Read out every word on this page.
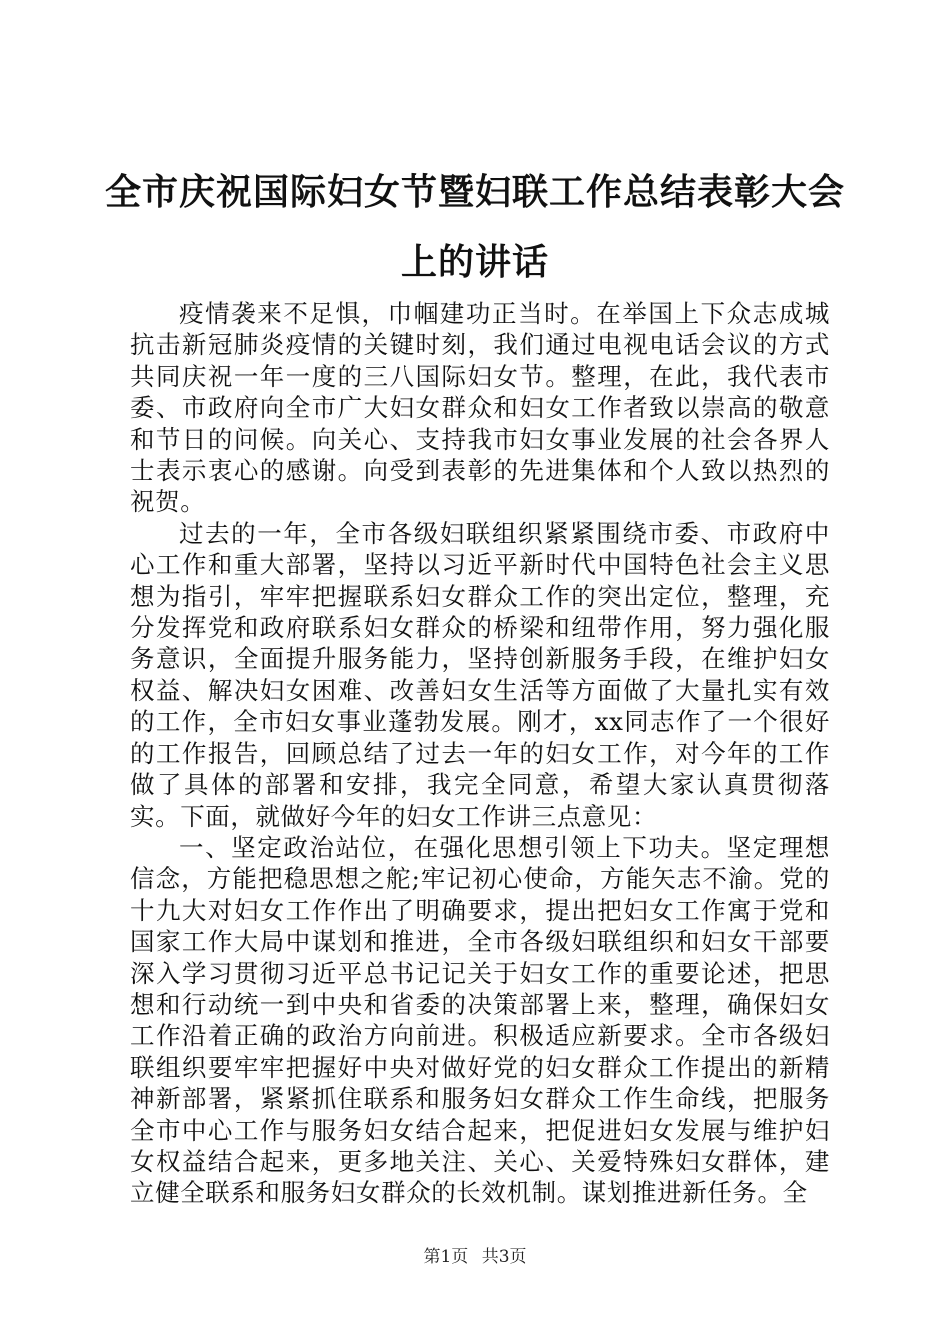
全市庆祝国际妇女节暨妇联工作总结表彰大会
上的讲话

疫情袭来不足惧，巾帼建功正当时。在举国上下众志成城抗击新冠肺炎疫情的关键时刻，我们通过电视电话会议的方式共同庆祝一年一度的三八国际妇女节。整理，在此，我代表市委、市政府向全市广大妇女群众和妇女工作者致以崇高的敬意和节日的问候。向关心、支持我市妇女事业发展的社会各界人士表示衷心的感谢。向受到表彰的先进集体和个人致以热烈的祝贺。

过去的一年，全市各级妇联组织紧紧围绕市委、市政府中心工作和重大部署，坚持以习近平新时代中国特色社会主义思想为指引，牢牢把握联系妇女群众工作的突出定位，整理，充分发挥党和政府联系妇女群众的桥梁和纽带作用，努力强化服务意识，全面提升服务能力，坚持创新服务手段，在维护妇女权益、解决妇女困难、改善妇女生活等方面做了大量扎实有效的工作，全市妇女事业蓬勃发展。刚才，xx同志作了一个很好的工作报告，回顾总结了过去一年的妇女工作，对今年的工作做了具体的部署和安排，我完全同意，希望大家认真贯彻落实。下面，就做好今年的妇女工作讲三点意见：

一、坚定政治站位，在强化思想引领上下功夫。坚定理想信念，方能把稳思想之舵;牢记初心使命，方能矢志不渝。党的十九大对妇女工作作出了明确要求，提出把妇女工作寓于党和国家工作大局中谋划和推进，全市各级妇联组织和妇女干部要深入学习贯彻习近平总书记记关于妇女工作的重要论述，把思想和行动统一到中央和省委的决策部署上来，整理，确保妇女工作沿着正确的政治方向前进。积极适应新要求。全市各级妇联组织要牢牢把握好中央对做好党的妇女群众工作提出的新精神新部署，紧紧抓住联系和服务妇女群众工作生命线，把服务全市中心工作与服务妇女结合起来，把促进妇女发展与维护妇女权益结合起来，更多地关注、关心、关爱特殊妇女群体，建立健全联系和服务妇女群众的长效机制。谋划推进新任务。全

第1页 共3页
